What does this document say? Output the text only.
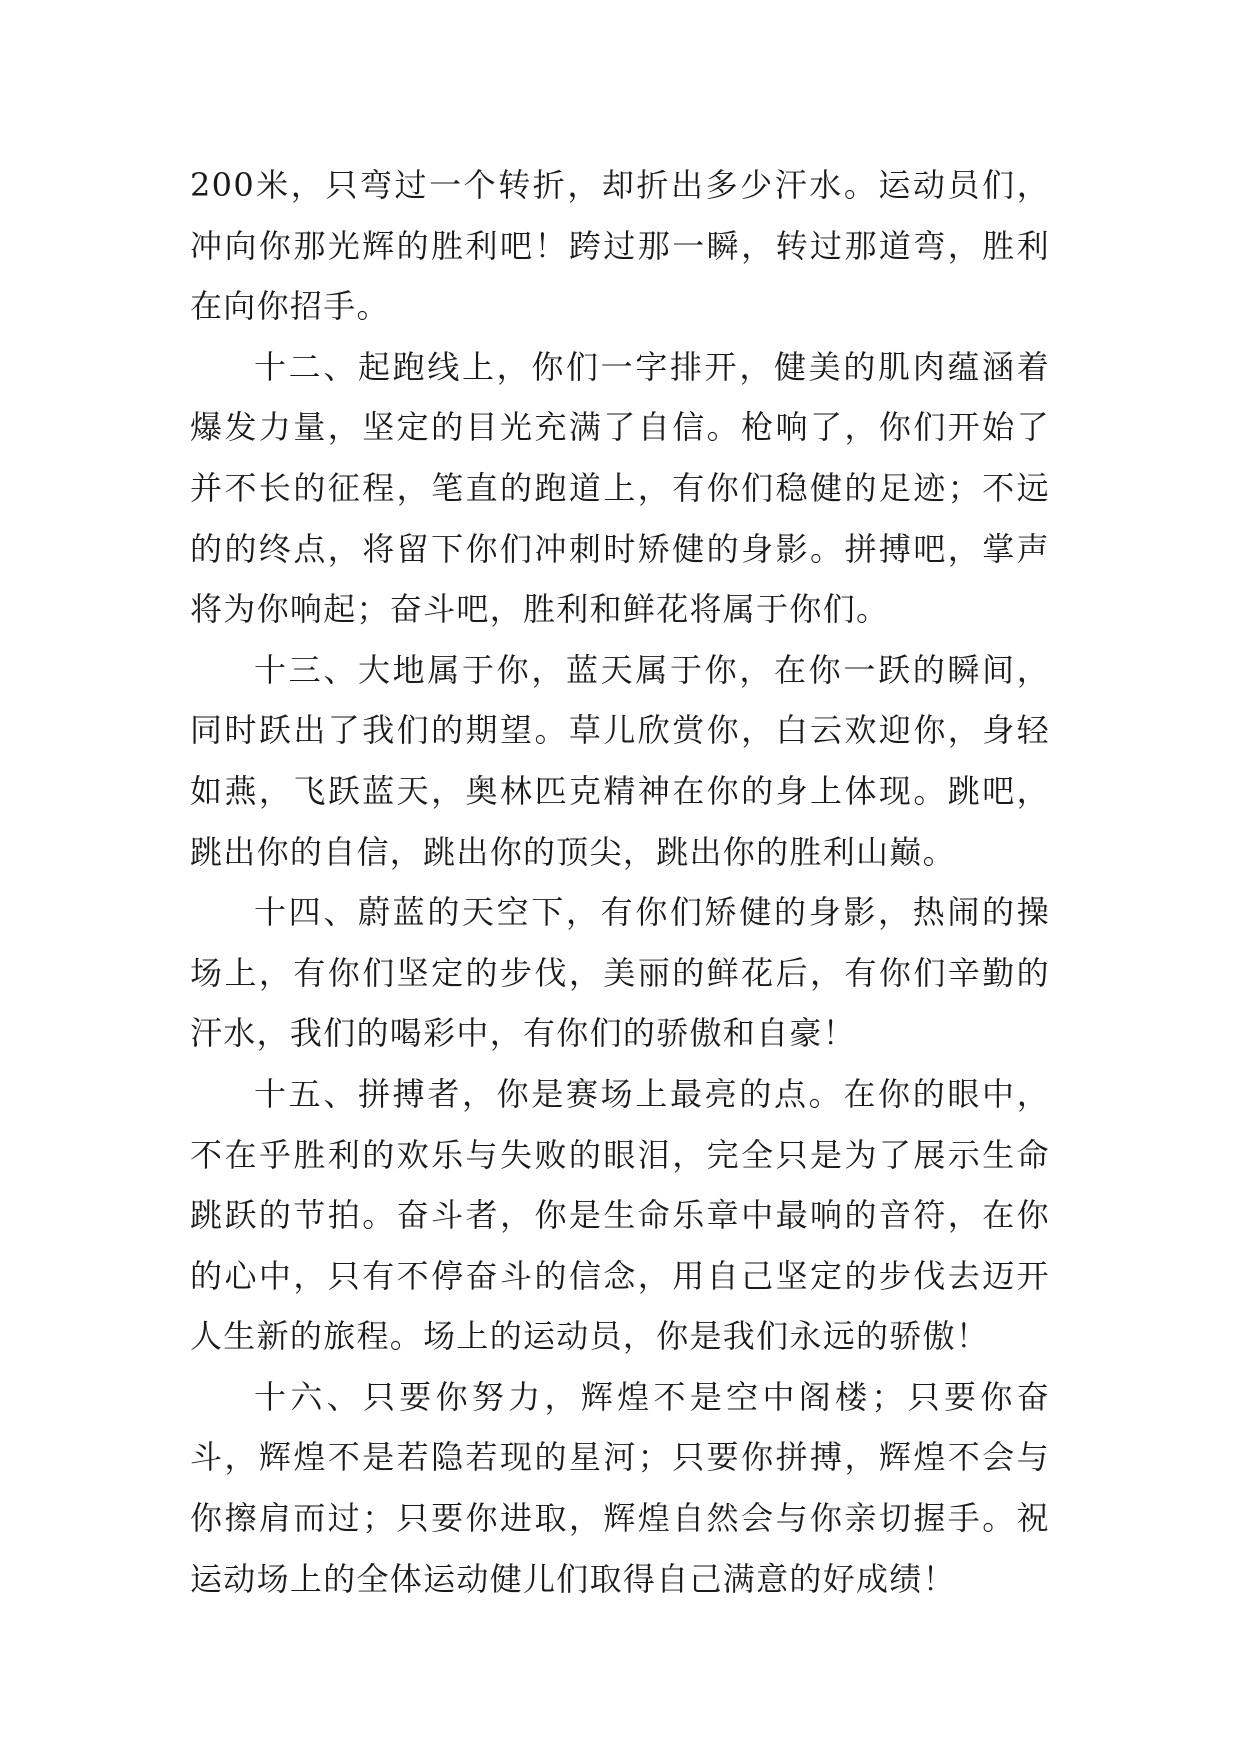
200米，只弯过一个转折，却折出多少汗水。运动员们，冲向你那光辉的胜利吧！跨过那一瞬，转过那道弯，胜利在向你招手。

十二、起跑线上，你们一字排开，健美的肌肉蕴涵着爆发力量，坚定的目光充满了自信。枪响了，你们开始了并不长的征程，笔直的跑道上，有你们稳健的足迹；不远的的终点，将留下你们冲刺时矫健的身影。拼搏吧，掌声将为你响起；奋斗吧，胜利和鲜花将属于你们。

十三、大地属于你，蓝天属于你，在你一跃的瞬间，同时跃出了我们的期望。草儿欣赏你，白云欢迎你，身轻如燕，飞跃蓝天，奥林匹克精神在你的身上体现。跳吧，跳出你的自信，跳出你的顶尖，跳出你的胜利山巅。

十四、蔚蓝的天空下，有你们矫健的身影，热闹的操场上，有你们坚定的步伐，美丽的鲜花后，有你们辛勤的汗水，我们的喝彩中，有你们的骄傲和自豪！

十五、拼搏者，你是赛场上最亮的点。在你的眼中，不在乎胜利的欢乐与失败的眼泪，完全只是为了展示生命跳跃的节拍。奋斗者，你是生命乐章中最响的音符，在你的心中，只有不停奋斗的信念，用自己坚定的步伐去迈开人生新的旅程。场上的运动员，你是我们永远的骄傲！

十六、只要你努力，辉煌不是空中阁楼；只要你奋斗，辉煌不是若隐若现的星河；只要你拼搏，辉煌不会与你擦肩而过；只要你进取，辉煌自然会与你亲切握手。祝运动场上的全体运动健儿们取得自己满意的好成绩！
